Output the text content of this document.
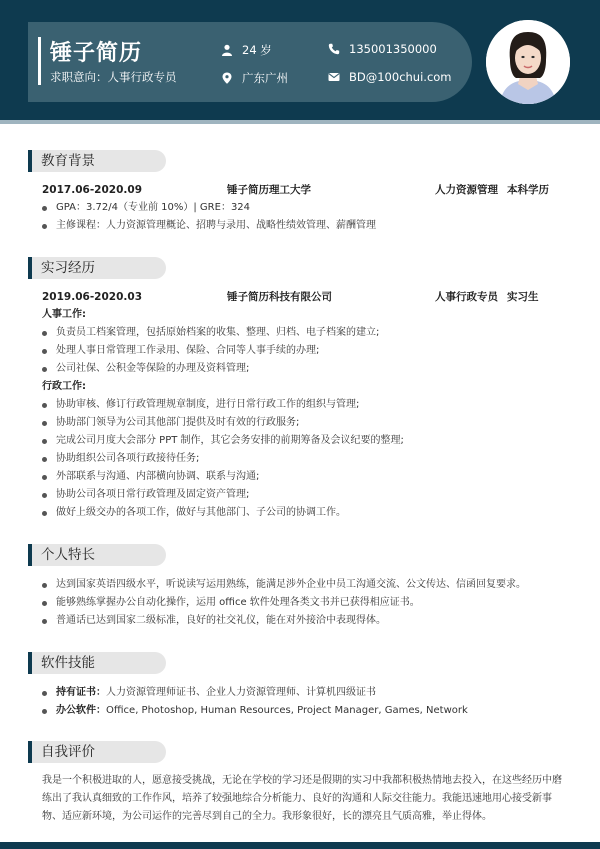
锤子简历
求职意向：人事行政专员
24 岁
广东广州
135001350000
BD@100chui.com
教育背景
2017.06-2020.09	锤子简历理工大学	人力资源管理 本科学历
GPA：3.72/4（专业前 10%）| GRE：324
主修课程：人力资源管理概论、招聘与录用、战略性绩效管理、薪酬管理
实习经历
2019.06-2020.03	锤子简历科技有限公司	人事行政专员 实习生
人事工作:
负责员工档案管理，包括原始档案的收集、整理、归档、电子档案的建立;
处理人事日常管理工作录用、保险、合同等人事手续的办理;
公司社保、公积金等保险的办理及资料管理;
行政工作:
协助审核、修订行政管理规章制度，进行日常行政工作的组织与管理;
协助部门领导为公司其他部门提供及时有效的行政服务;
完成公司月度大会部分 PPT 制作，其它会务安排的前期筹备及会议纪要的整理;
协助组织公司各项行政接待任务;
外部联系与沟通、内部横向协调、联系与沟通;
协助公司各项日常行政管理及固定资产管理;
做好上级交办的各项工作，做好与其他部门、子公司的协调工作。
个人特长
达到国家英语四级水平，听说读写运用熟练，能满足涉外企业中员工沟通交流、公文传达、信函回复要求。
能够熟练掌握办公自动化操作，运用 office 软件处理各类文书并已获得相应证书。
普通话已达到国家二级标准，良好的社交礼仪，能在对外接洽中表现得体。
软件技能
持有证书：人力资源管理师证书、企业人力资源管理师、计算机四级证书
办公软件：Office, Photoshop, Human Resources, Project Manager, Games, Network
自我评价
我是一个积极进取的人，愿意接受挑战，无论在学校的学习还是假期的实习中我都积极热情地去投入，在这些经历中磨练出了我认真细致的工作作风，培养了较强地综合分析能力、良好的沟通和人际交往能力。我能迅速地用心接受新事物、适应新环境，为公司运作的完善尽到自己的全力。我形象很好，长的漂亮且气质高雅，举止得体。
